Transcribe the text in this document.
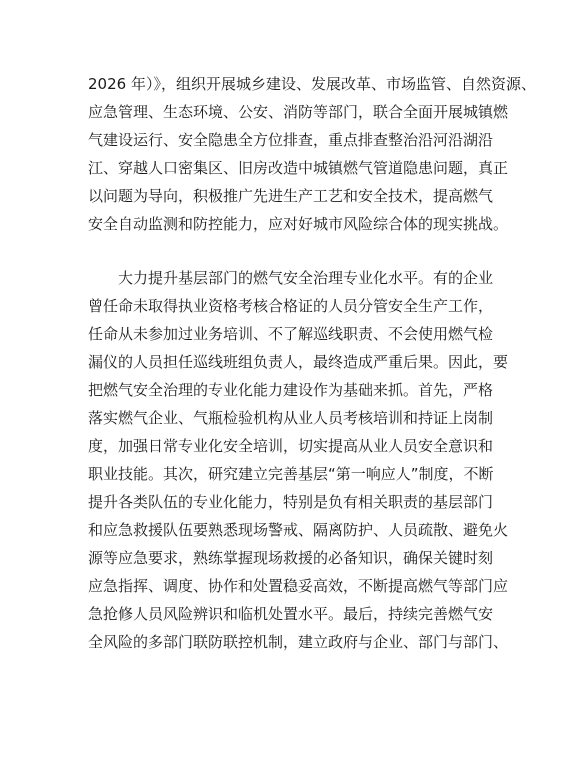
2026 年）》，组织开展城乡建设、发展改革、市场监管、自然资源、
应急管理、生态环境、公安、消防等部门，联合全面开展城镇燃
气建设运行、安全隐患全方位排查，重点排查整治沿河沿湖沿
江、穿越人口密集区、旧房改造中城镇燃气管道隐患问题，真正
以问题为导向，积极推广先进生产工艺和安全技术，提高燃气
安全自动监测和防控能力，应对好城市风险综合体的现实挑战。
　　大力提升基层部门的燃气安全治理专业化水平。有的企业
曾任命未取得执业资格考核合格证的人员分管安全生产工作，
任命从未参加过业务培训、不了解巡线职责、不会使用燃气检
漏仪的人员担任巡线班组负责人，最终造成严重后果。因此，要
把燃气安全治理的专业化能力建设作为基础来抓。首先，严格
落实燃气企业、气瓶检验机构从业人员考核培训和持证上岗制
度，加强日常专业化安全培训，切实提高从业人员安全意识和
职业技能。其次，研究建立完善基层“第一响应人”制度，不断
提升各类队伍的专业化能力，特别是负有相关职责的基层部门
和应急救援队伍要熟悉现场警戒、隔离防护、人员疏散、避免火
源等应急要求，熟练掌握现场救援的必备知识，确保关键时刻
应急指挥、调度、协作和处置稳妥高效，不断提高燃气等部门应
急抢修人员风险辨识和临机处置水平。最后，持续完善燃气安
全风险的多部门联防联控机制，建立政府与企业、部门与部门、
